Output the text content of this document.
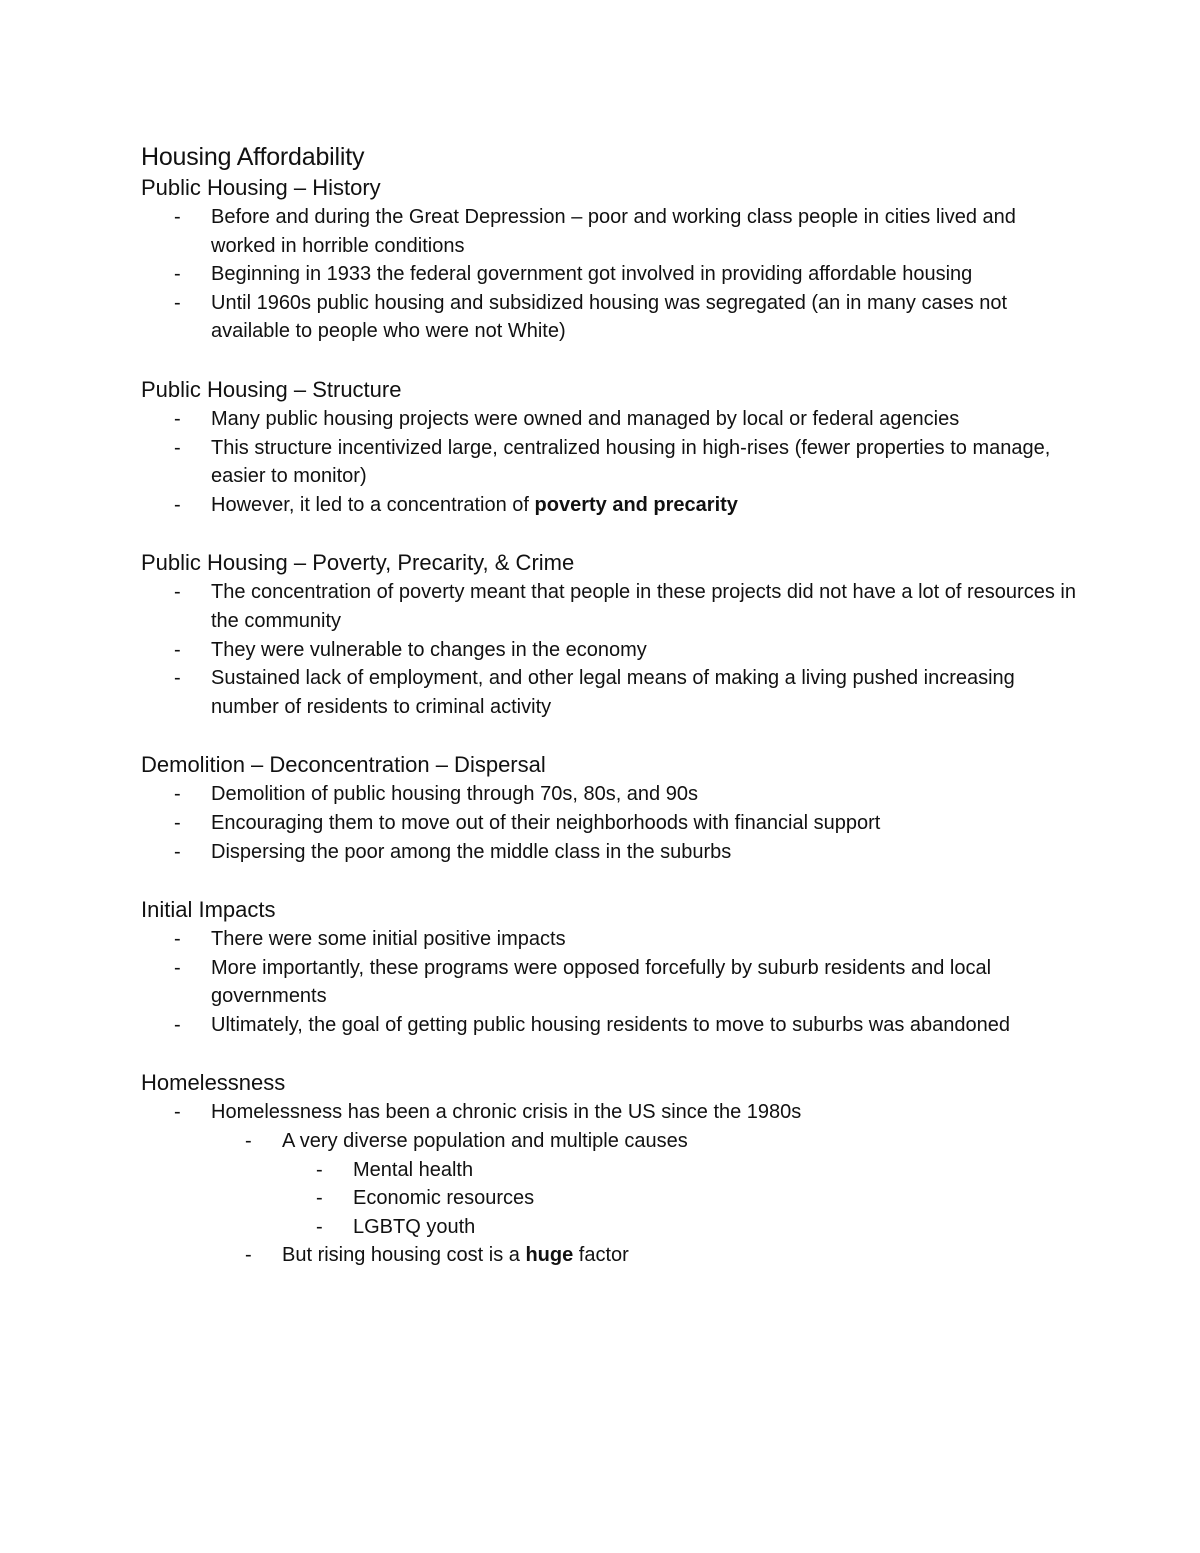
Housing Affordability
Public Housing – History
- Before and during the Great Depression – poor and working class people in cities lived and worked in horrible conditions
- Beginning in 1933 the federal government got involved in providing affordable housing
- Until 1960s public housing and subsidized housing was segregated (an in many cases not available to people who were not White)
Public Housing – Structure
- Many public housing projects were owned and managed by local or federal agencies
- This structure incentivized large, centralized housing in high-rises (fewer properties to manage, easier to monitor)
- However, it led to a concentration of poverty and precarity
Public Housing – Poverty, Precarity, & Crime
- The concentration of poverty meant that people in these projects did not have a lot of resources in the community
- They were vulnerable to changes in the economy
- Sustained lack of employment, and other legal means of making a living pushed increasing number of residents to criminal activity
Demolition – Deconcentration – Dispersal
- Demolition of public housing through 70s, 80s, and 90s
- Encouraging them to move out of their neighborhoods with financial support
- Dispersing the poor among the middle class in the suburbs
Initial Impacts
- There were some initial positive impacts
- More importantly, these programs were opposed forcefully by suburb residents and local governments
- Ultimately, the goal of getting public housing residents to move to suburbs was abandoned
Homelessness
- Homelessness has been a chronic crisis in the US since the 1980s
- A very diverse population and multiple causes
- Mental health
- Economic resources
- LGBTQ youth
- But rising housing cost is a huge factor
